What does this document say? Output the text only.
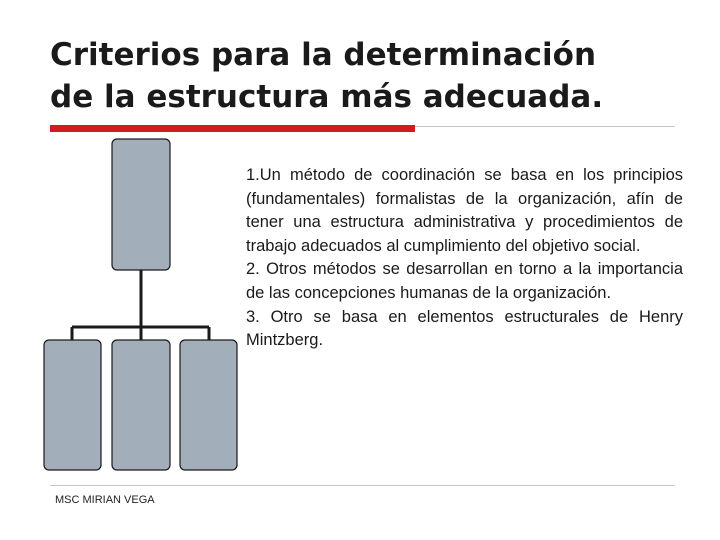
Criterios para la determinación
de la estructura más adecuada.

1.Un método de coordinación se basa en los principios (fundamentales) formalistas de la organización, afín de tener una estructura administrativa y procedimientos de trabajo adecuados al cumplimiento del objetivo social.

2. Otros métodos se desarrollan en torno a la importancia de las concepciones humanas de la organización.

3. Otro se basa en elementos estructurales de Henry Mintzberg.

MSC MIRIAN VEGA
